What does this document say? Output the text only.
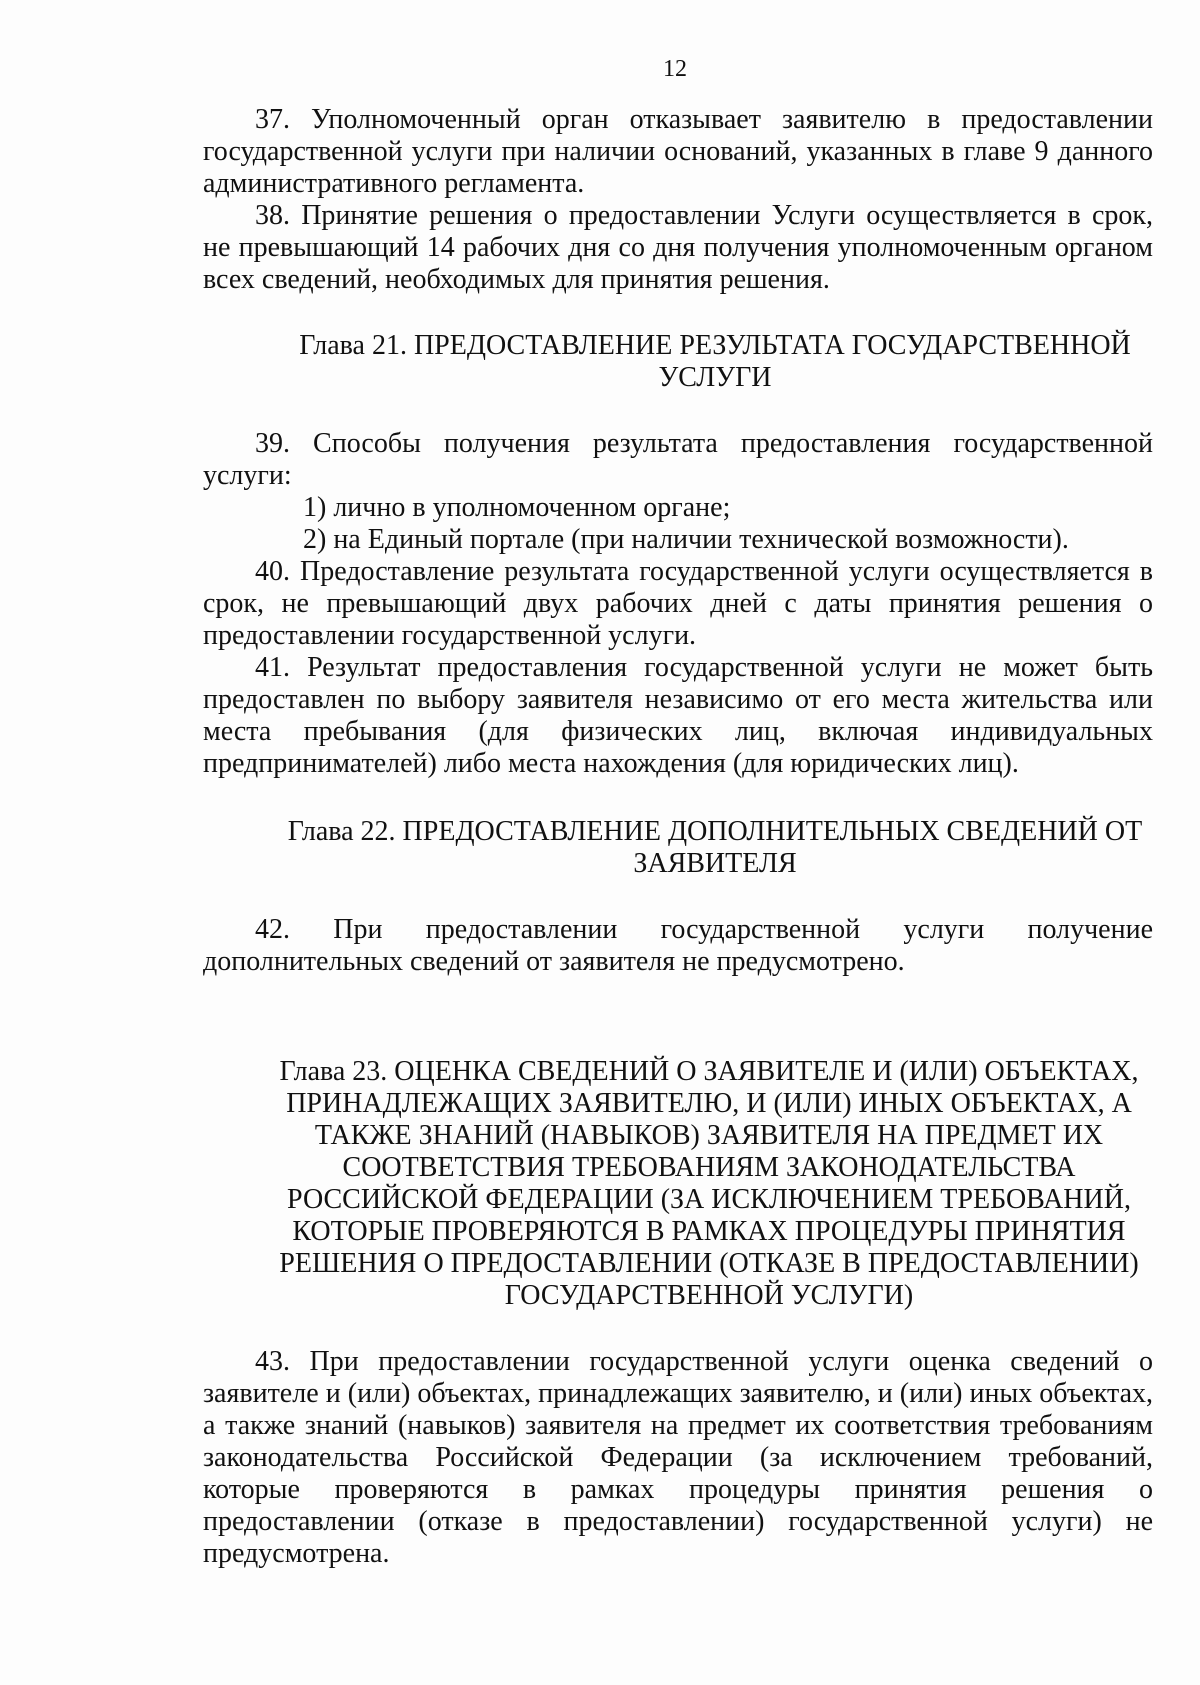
12

37. Уполномоченный орган отказывает заявителю в предоставлении государственной услуги при наличии оснований, указанных в главе 9 данного административного регламента.

38. Принятие решения о предоставлении Услуги осуществляется в срок, не превышающий 14 рабочих дня со дня получения уполномоченным органом всех сведений, необходимых для принятия решения.

Глава 21. ПРЕДОСТАВЛЕНИЕ РЕЗУЛЬТАТА ГОСУДАРСТВЕННОЙ
УСЛУГИ

39. Способы получения результата предоставления государственной услуги:

1) лично в уполномоченном органе;

2) на Единый портале (при наличии технической возможности).

40. Предоставление результата государственной услуги осуществляется в срок, не превышающий двух рабочих дней с даты принятия решения о предоставлении государственной услуги.

41. Результат предоставления государственной услуги не может быть предоставлен по выбору заявителя независимо от его места жительства или места пребывания (для физических лиц, включая индивидуальных предпринимателей) либо места нахождения (для юридических лиц).

Глава 22. ПРЕДОСТАВЛЕНИЕ ДОПОЛНИТЕЛЬНЫХ СВЕДЕНИЙ ОТ
ЗАЯВИТЕЛЯ

42. При предоставлении государственной услуги получение дополнительных сведений от заявителя не предусмотрено.

Глава 23. ОЦЕНКА СВЕДЕНИЙ О ЗАЯВИТЕЛЕ И (ИЛИ) ОБЪЕКТАХ,
ПРИНАДЛЕЖАЩИХ ЗАЯВИТЕЛЮ, И (ИЛИ) ИНЫХ ОБЪЕКТАХ, А
ТАКЖЕ ЗНАНИЙ (НАВЫКОВ) ЗАЯВИТЕЛЯ НА ПРЕДМЕТ ИХ
СООТВЕТСТВИЯ ТРЕБОВАНИЯМ ЗАКОНОДАТЕЛЬСТВА
РОССИЙСКОЙ ФЕДЕРАЦИИ (ЗА ИСКЛЮЧЕНИЕМ ТРЕБОВАНИЙ,
КОТОРЫЕ ПРОВЕРЯЮТСЯ В РАМКАХ ПРОЦЕДУРЫ ПРИНЯТИЯ
РЕШЕНИЯ О ПРЕДОСТАВЛЕНИИ (ОТКАЗЕ В ПРЕДОСТАВЛЕНИИ)
ГОСУДАРСТВЕННОЙ УСЛУГИ)

43. При предоставлении государственной услуги оценка сведений о заявителе и (или) объектах, принадлежащих заявителю, и (или) иных объектах, а также знаний (навыков) заявителя на предмет их соответствия требованиям законодательства Российской Федерации (за исключением требований, которые проверяются в рамках процедуры принятия решения о предоставлении (отказе в предоставлении) государственной услуги) не предусмотрена.
